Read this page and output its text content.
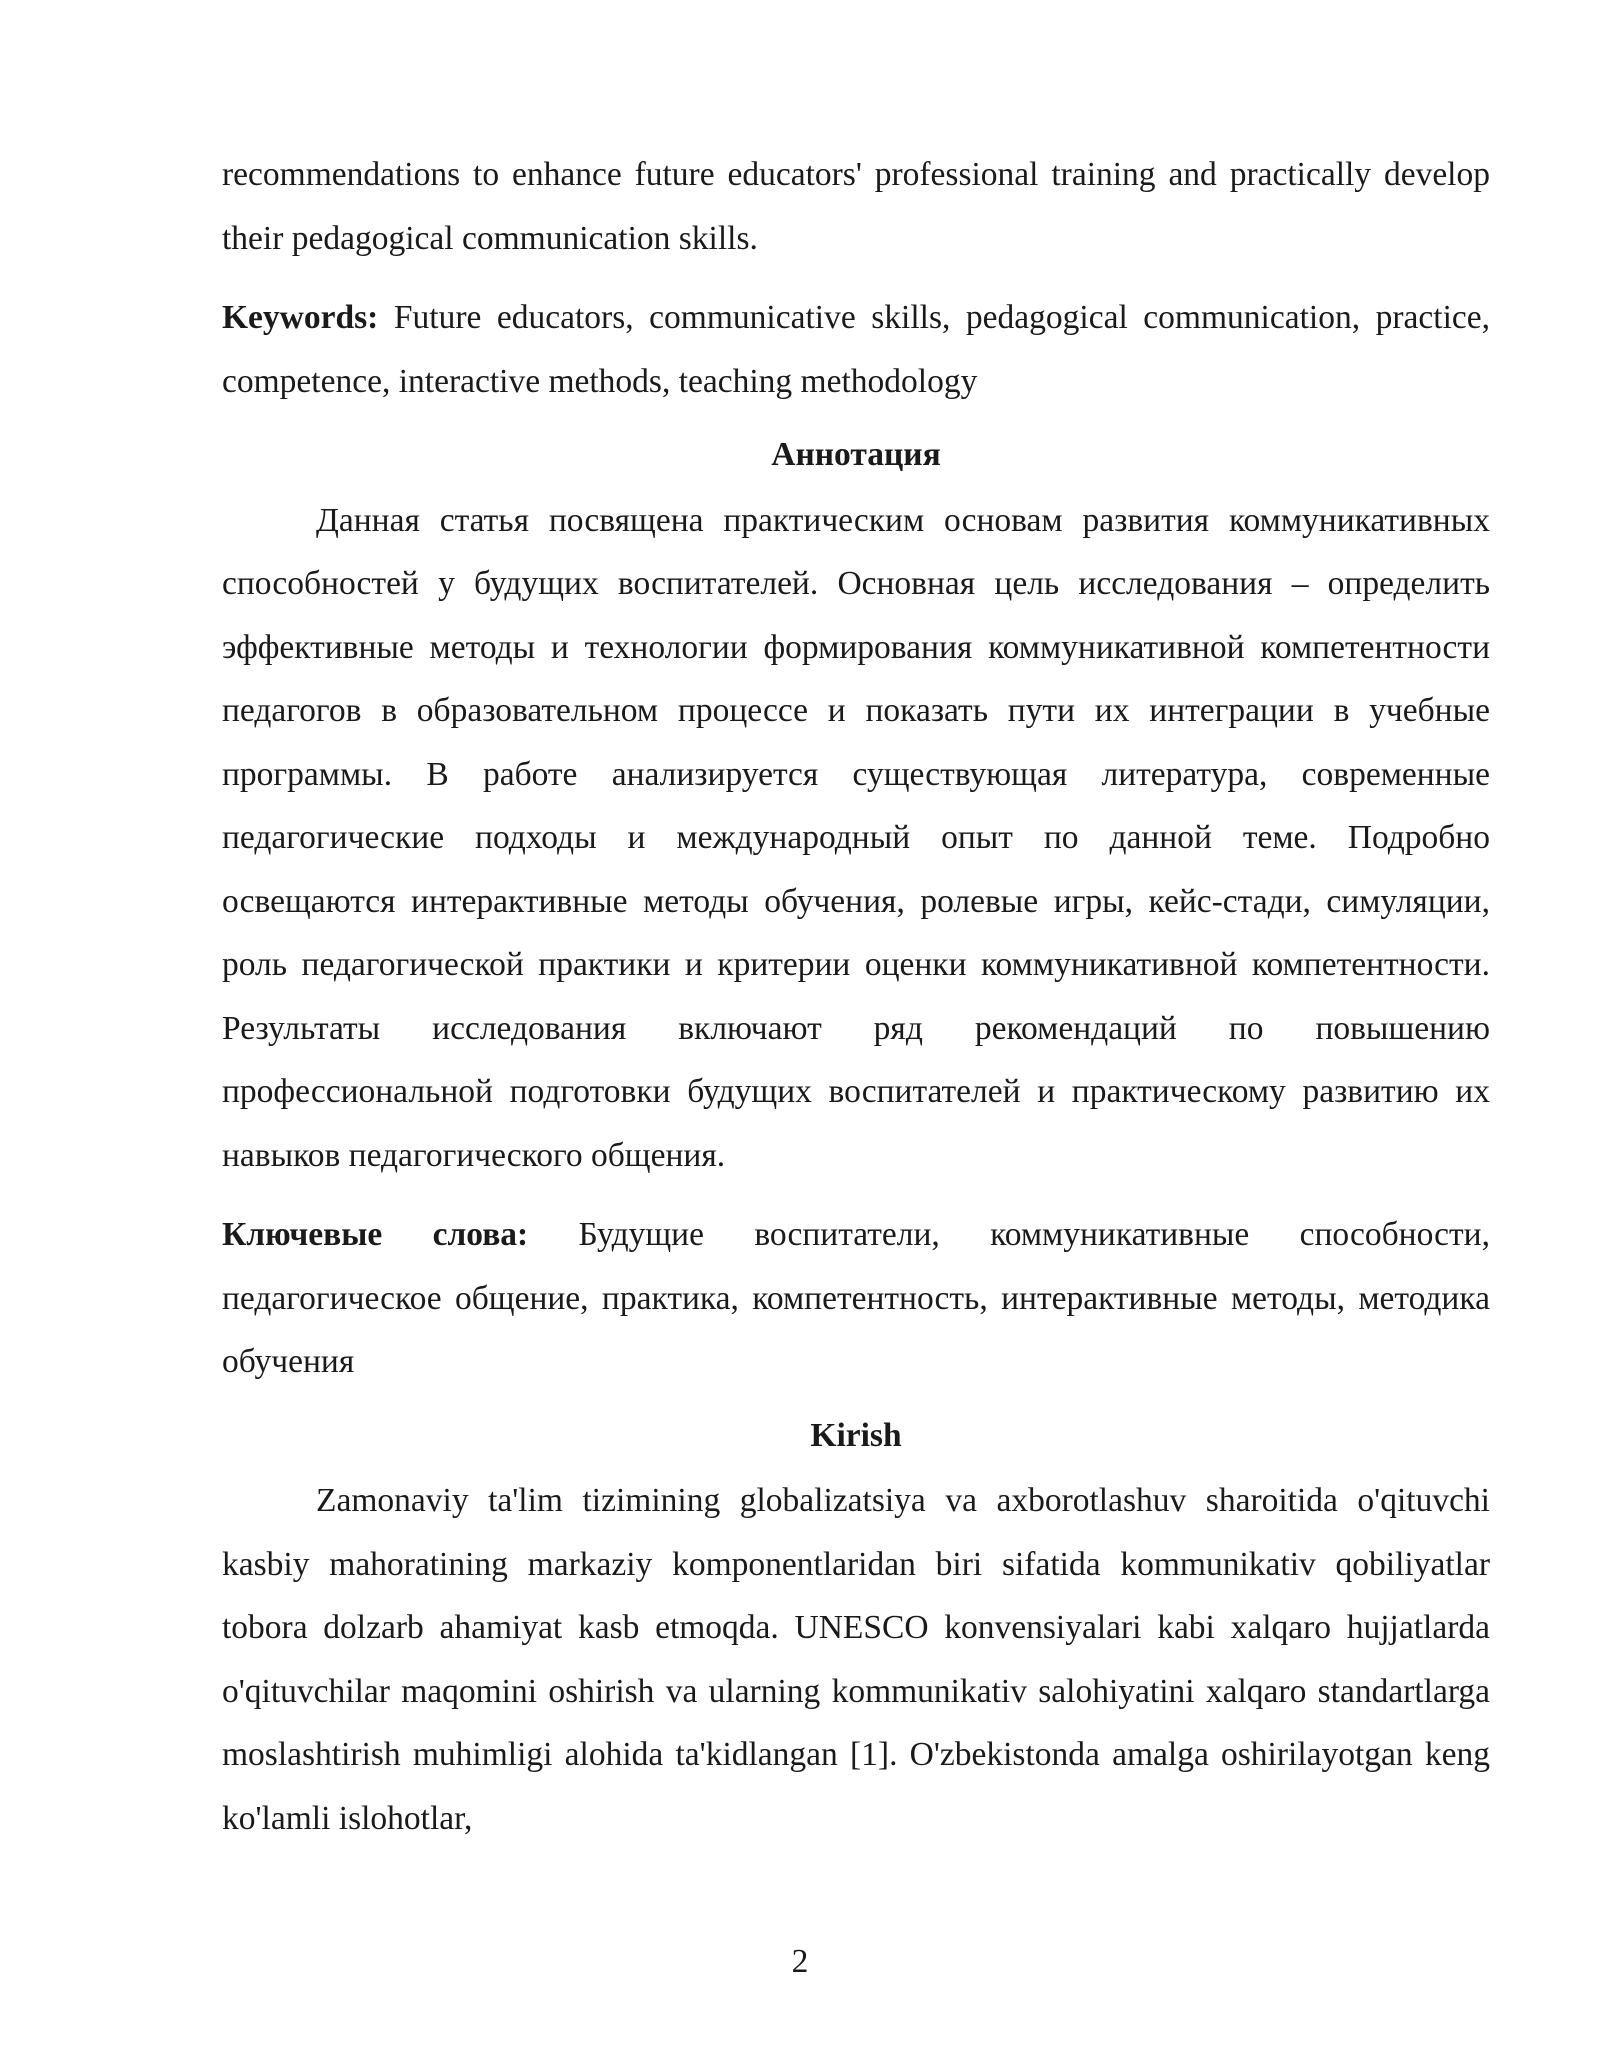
recommendations to enhance future educators' professional training and practically develop their pedagogical communication skills.

Keywords: Future educators, communicative skills, pedagogical communication, practice, competence, interactive methods, teaching methodology

Аннотация

Данная статья посвящена практическим основам развития коммуникативных способностей у будущих воспитателей. Основная цель исследования – определить эффективные методы и технологии формирования коммуникативной компетентности педагогов в образовательном процессе и показать пути их интеграции в учебные программы. В работе анализируется существующая литература, современные педагогические подходы и международный опыт по данной теме. Подробно освещаются интерактивные методы обучения, ролевые игры, кейс-стади, симуляции, роль педагогической практики и критерии оценки коммуникативной компетентности. Результаты исследования включают ряд рекомендаций по повышению профессиональной подготовки будущих воспитателей и практическому развитию их навыков педагогического общения.

Ключевые слова: Будущие воспитатели, коммуникативные способности, педагогическое общение, практика, компетентность, интерактивные методы, методика обучения

Kirish

Zamonaviy ta'lim tizimining globalizatsiya va axborotlashuv sharoitida o'qituvchi kasbiy mahoratining markaziy komponentlaridan biri sifatida kommunikativ qobiliyatlar tobora dolzarb ahamiyat kasb etmoqda. UNESCO konvensiyalari kabi xalqaro hujjatlarda o'qituvchilar maqomini oshirish va ularning kommunikativ salohiyatini xalqaro standartlarga moslashtirish muhimligi alohida ta'kidlangan [1]. O'zbekistonda amalga oshirilayotgan keng ko'lamli islohotlar,

2
